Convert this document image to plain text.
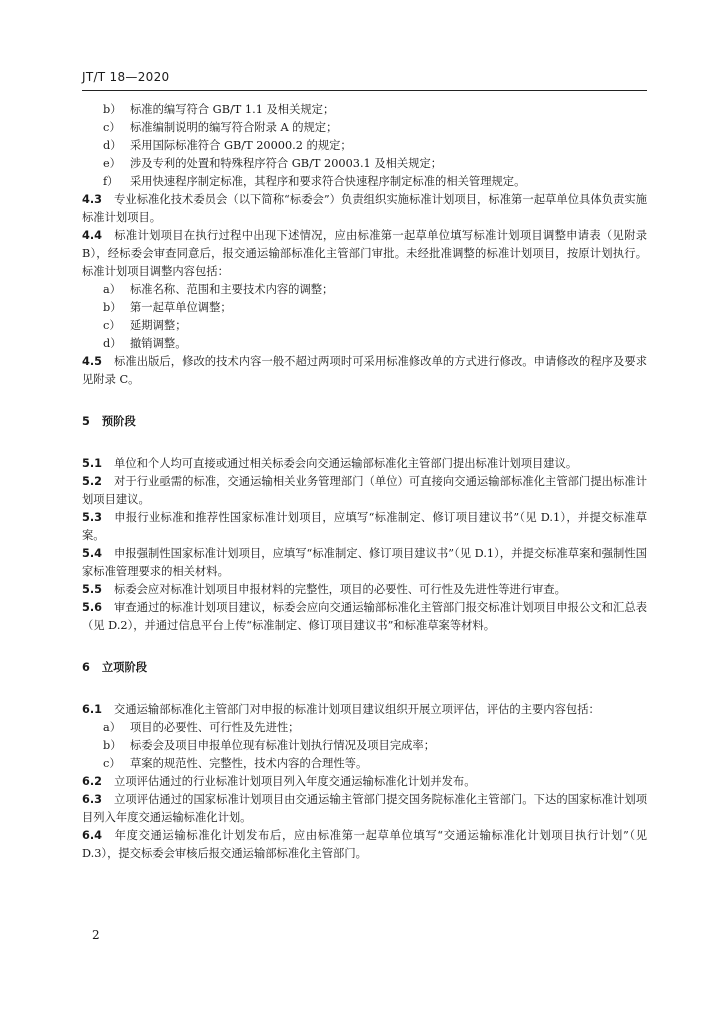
JT/T 18—2020
b） 标准的编写符合 GB/T 1.1 及相关规定；
c） 标准编制说明的编写符合附录 A 的规定；
d） 采用国际标准符合 GB/T 20000.2 的规定；
e） 涉及专利的处置和特殊程序符合 GB/T 20003.1 及相关规定；
f） 采用快速程序制定标准，其程序和要求符合快速程序制定标准的相关管理规定。
4.3 专业标准化技术委员会（以下简称“标委会”）负责组织实施标准计划项目，标准第一起草单位具体负责实施标准计划项目。
4.4 标准计划项目在执行过程中出现下述情况，应由标准第一起草单位填写标准计划项目调整申请表（见附录 B），经标委会审查同意后，报交通运输部标准化主管部门审批。未经批准调整的标准计划项目，按原计划执行。标准计划项目调整内容包括：
a） 标准名称、范围和主要技术内容的调整；
b） 第一起草单位调整；
c） 延期调整；
d） 撤销调整。
4.5 标准出版后，修改的技术内容一般不超过两项时可采用标准修改单的方式进行修改。申请修改的程序及要求见附录 C。
5 预阶段
5.1 单位和个人均可直接或通过相关标委会向交通运输部标准化主管部门提出标准计划项目建议。
5.2 对于行业亟需的标准，交通运输相关业务管理部门（单位）可直接向交通运输部标准化主管部门提出标准计划项目建议。
5.3 申报行业标准和推荐性国家标准计划项目，应填写“标准制定、修订项目建议书”（见 D.1），并提交标准草案。
5.4 申报强制性国家标准计划项目，应填写“标准制定、修订项目建议书”（见 D.1），并提交标准草案和强制性国家标准管理要求的相关材料。
5.5 标委会应对标准计划项目申报材料的完整性，项目的必要性、可行性及先进性等进行审查。
5.6 审查通过的标准计划项目建议，标委会应向交通运输部标准化主管部门报交标准计划项目申报公文和汇总表（见 D.2），并通过信息平台上传“标准制定、修订项目建议书”和标准草案等材料。
6 立项阶段
6.1 交通运输部标准化主管部门对申报的标准计划项目建议组织开展立项评估，评估的主要内容包括：
a） 项目的必要性、可行性及先进性；
b） 标委会及项目申报单位现有标准计划执行情况及项目完成率；
c） 草案的规范性、完整性，技术内容的合理性等。
6.2 立项评估通过的行业标准计划项目列入年度交通运输标准化计划并发布。
6.3 立项评估通过的国家标准计划项目由交通运输主管部门提交国务院标准化主管部门。下达的国家标准计划项目列入年度交通运输标准化计划。
6.4 年度交通运输标准化计划发布后，应由标准第一起草单位填写“交通运输标准化计划项目执行计划”（见 D.3），提交标委会审核后报交通运输部标准化主管部门。
2
